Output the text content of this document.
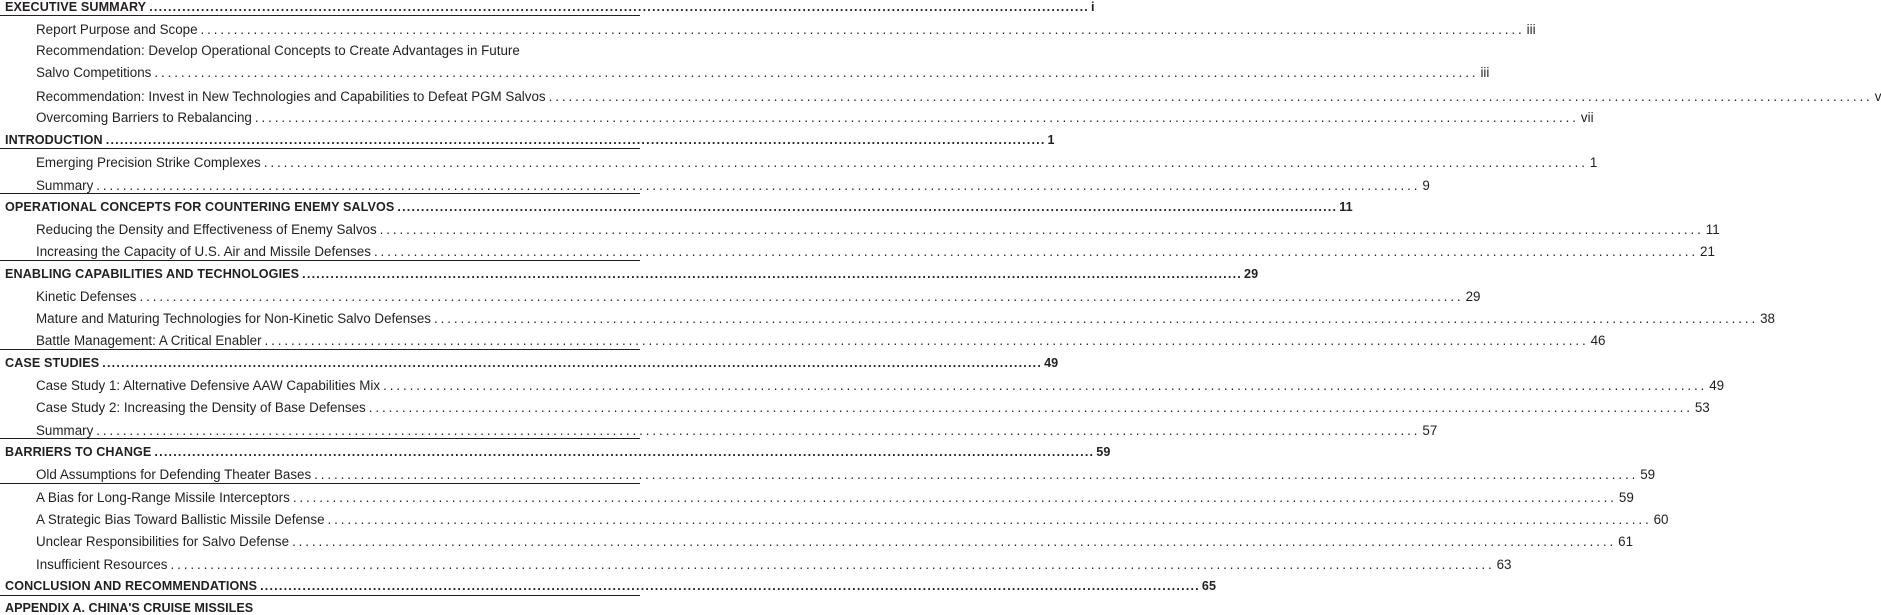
EXECUTIVE SUMMARY ........................................................................................................................................................................................................ i
Report Purpose and Scope ........................................................................................................................................................................................................ iii
Recommendation: Develop Operational Concepts to Create Advantages in Future
Salvo Competitions ........................................................................................................................................................................................................ iii
Recommendation: Invest in New Technologies and Capabilities to Defeat PGM Salvos ........................................................................................................................................................................................................ v
Overcoming Barriers to Rebalancing ........................................................................................................................................................................................................ vii
INTRODUCTION ........................................................................................................................................................................................................ 1
Emerging Precision Strike Complexes ........................................................................................................................................................................................................ 1
Summary ........................................................................................................................................................................................................ 9
OPERATIONAL CONCEPTS FOR COUNTERING ENEMY SALVOS ........................................................................................................................................................................................................ 11
Reducing the Density and Effectiveness of Enemy Salvos ........................................................................................................................................................................................................ 11
Increasing the Capacity of U.S. Air and Missile Defenses ........................................................................................................................................................................................................ 21
ENABLING CAPABILITIES AND TECHNOLOGIES ........................................................................................................................................................................................................ 29
Kinetic Defenses ........................................................................................................................................................................................................ 29
Mature and Maturing Technologies for Non-Kinetic Salvo Defenses ........................................................................................................................................................................................................ 38
Battle Management: A Critical Enabler ........................................................................................................................................................................................................ 46
CASE STUDIES ........................................................................................................................................................................................................ 49
Case Study 1: Alternative Defensive AAW Capabilities Mix ........................................................................................................................................................................................................ 49
Case Study 2: Increasing the Density of Base Defenses ........................................................................................................................................................................................................ 53
Summary ........................................................................................................................................................................................................ 57
BARRIERS TO CHANGE ........................................................................................................................................................................................................ 59
Old Assumptions for Defending Theater Bases ........................................................................................................................................................................................................ 59
A Bias for Long-Range Missile Interceptors ........................................................................................................................................................................................................ 59
A Strategic Bias Toward Ballistic Missile Defense ........................................................................................................................................................................................................ 60
Unclear Responsibilities for Salvo Defense ........................................................................................................................................................................................................ 61
Insufficient Resources ........................................................................................................................................................................................................ 63
CONCLUSION AND RECOMMENDATIONS ........................................................................................................................................................................................................ 65
APPENDIX A. CHINA'S CRUISE MISSILES
